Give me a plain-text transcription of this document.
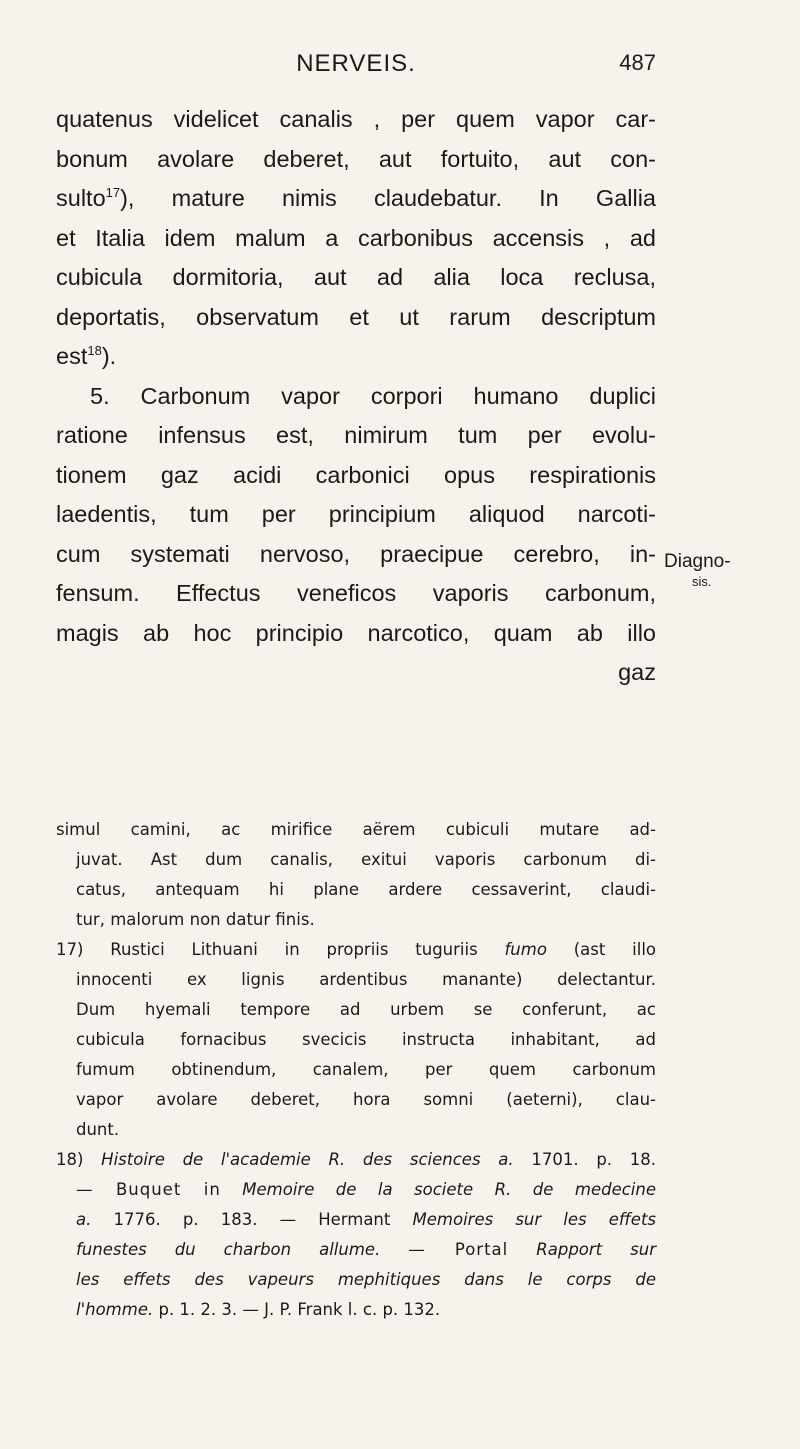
NERVEIS.	487
quatenus videlicet canalis , per quem vapor car-
bonum avolare deberet, aut fortuito, aut con-
sulto$^{17}$), mature nimis claudebatur. In Gallia
et Italia idem malum a carbonibus accensis , ad
cubicula dormitoria, aut ad alia loca reclusa,
deportatis, observatum et ut rarum descriptum
est$^{18}$).
5. Carbonum vapor corpori humano duplici
ratione infensus est, nimirum tum per evolu-
tionem gaz acidi carbonici opus respirationis
laedentis, tum per principium aliquod narcoti-
cum systemati nervoso, praecipue cerebro, in-
fensum. Effectus veneficos vaporis carbonum,
magis ab hoc principio narcotico, quam ab illo
gaz
Diagno-
sis.
simul camini, ac mirifice aërem cubiculi mutare ad-
juvat. Ast dum canalis, exitui vaporis carbonum di-
catus, antequam hi plane ardere cessaverint, claudi-
tur, malorum non datur finis.
17) Rustici Lithuani in propriis tuguriis fumo (ast illo
innocenti ex lignis ardentibus manante) delectantur.
Dum hyemali tempore ad urbem se conferunt, ac
cubicula fornacibus svecicis instructa inhabitant, ad
fumum obtinendum, canalem, per quem carbonum
vapor avolare deberet, hora somni (aeterni), clau-
dunt.
18) Histoire de l'academie R. des sciences a. 1701. p. 18.
— Buquet in Memoire de la societe R. de medecine
a. 1776. p. 183. — Hermant Memoires sur les effets
funestes du charbon allume. — Portal Rapport sur
les effets des vapeurs mephitiques dans le corps de
l'homme. p. 1. 2. 3. — J. P. Frank l. c. p. 132.
